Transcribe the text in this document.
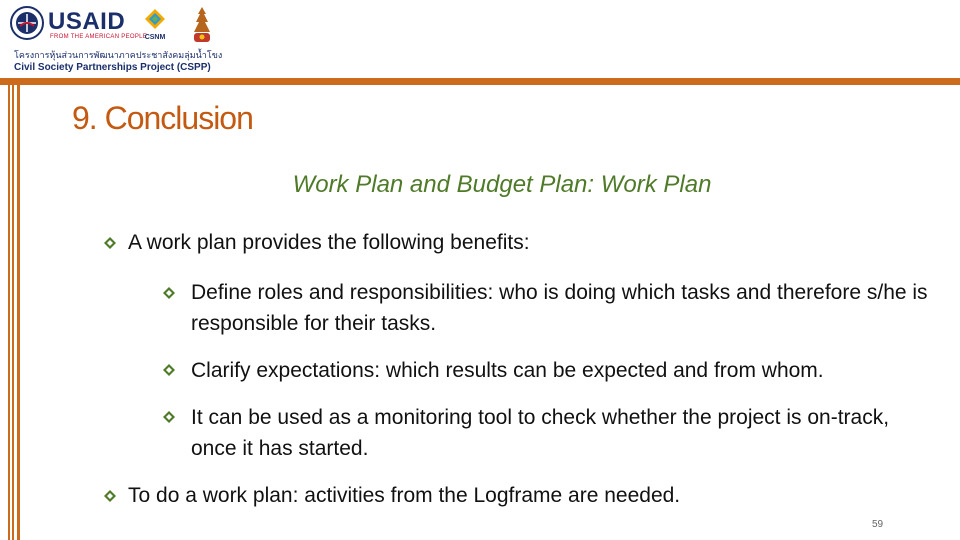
USAID
FROM THE AMERICAN PEOPLE
CSNM
โครงการหุ้นส่วนการพัฒนาภาคประชาสังคมลุ่มน้ำโขง
Civil Society Partnerships Project (CSPP)
9. Conclusion
Work Plan and Budget Plan: Work Plan
A work plan provides the following benefits:
Define roles and responsibilities: who is doing which tasks and therefore s/he is responsible for their tasks.
Clarify expectations: which results can be expected and from whom.
It can be used as a monitoring tool to check whether the project is on-track, once it has started.
To do a work plan: activities from the Logframe are needed.
59
